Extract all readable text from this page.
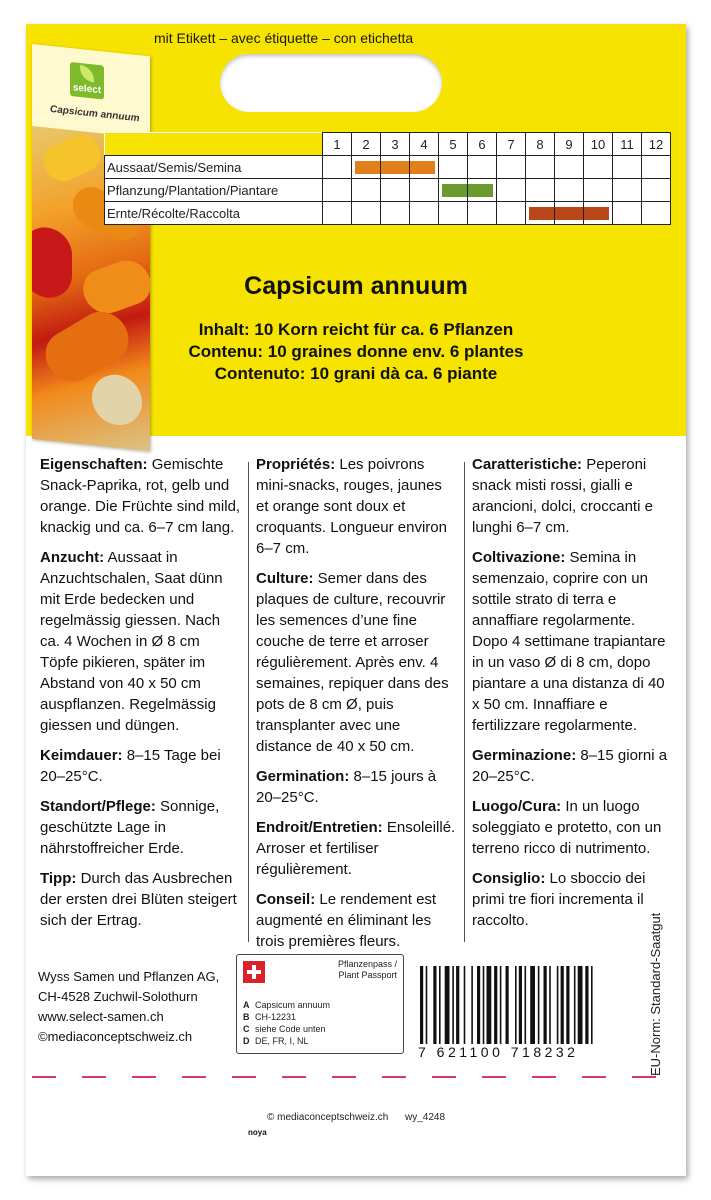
mit Etikett – avec étiquette – con etichetta
select
Capsicum annuum
	1	2	3	4	5	6	7	8	9	10	11	12
Aussaat/Semis/Semina		

Pflanzung/Plantation/Piantare					

Ernte/Récolte/Raccolta								

Capsicum annuum
Inhalt: 10 Korn reicht für ca. 6 Pflanzen
Contenu: 10 graines donne env. 6 plantes
Contenuto: 10 grani dà ca. 6 piante

Eigenschaften: Gemischte Snack-Paprika, rot, gelb und orange. Die Früchte sind mild, knackig und ca. 6–7 cm lang.

Anzucht: Aussaat in Anzuchtschalen, Saat dünn mit Erde bedecken und regelmässig giessen. Nach ca. 4 Wochen in Ø 8 cm Töpfe pikieren, später im Abstand von 40 x 50 cm auspflanzen. Regelmässig giessen und düngen.

Keimdauer: 8–15 Tage bei 20–25°C.

Standort/Pflege: Sonnige, geschützte Lage in nährstoffreicher Erde.

Tipp: Durch das Ausbrechen der ersten drei Blüten steigert sich der Ertrag.

Propriétés: Les poivrons mini-snacks, rouges, jaunes et orange sont doux et croquants. Longueur environ 6–7 cm.

Culture: Semer dans des plaques de culture, recouvrir les semences d’une fine couche de terre et arroser régulièrement. Après env. 4 semaines, repiquer dans des pots de 8 cm Ø, puis transplanter avec une distance de 40 x 50 cm.

Germination: 8–15 jours à 20–25°C.

Endroit/Entretien: Ensoleillé. Arroser et fertiliser régulièrement.

Conseil: Le rendement est augmenté en éliminant les trois premières fleurs.

Caratteristiche: Peperoni snack misti rossi, gialli e arancioni, dolci, croccanti e lunghi 6–7 cm.

Coltivazione: Semina in semenzaio, coprire con un sottile strato di terra e annaffiare regolarmente. Dopo 4 settimane trapiantare in un vaso Ø di 8 cm, dopo piantare a una distanza di 40 x 50 cm. Innaffiare e fertilizzare regolarmente.

Germinazione: 8–15 giorni a 20–25°C.

Luogo/Cura: In un luogo soleggiato e protetto, con un terreno ricco di nutrimento.

Consiglio: Lo sboccio dei primi tre fiori incrementa il raccolto.	EU-Norm: Standard-Saatgut
Wyss Samen und Pflanzen AG,
CH-4528 Zuchwil-Solothurn
www.select-samen.ch
©mediaconceptschweiz.ch
Pflanzenpass /
Plant Passport
A Capsicum annuum
B CH-12231
C siehe Code unten
D DE, FR, I, NL
7 621100 718232
© mediaconceptschweiz.ch wy_4248
noya
